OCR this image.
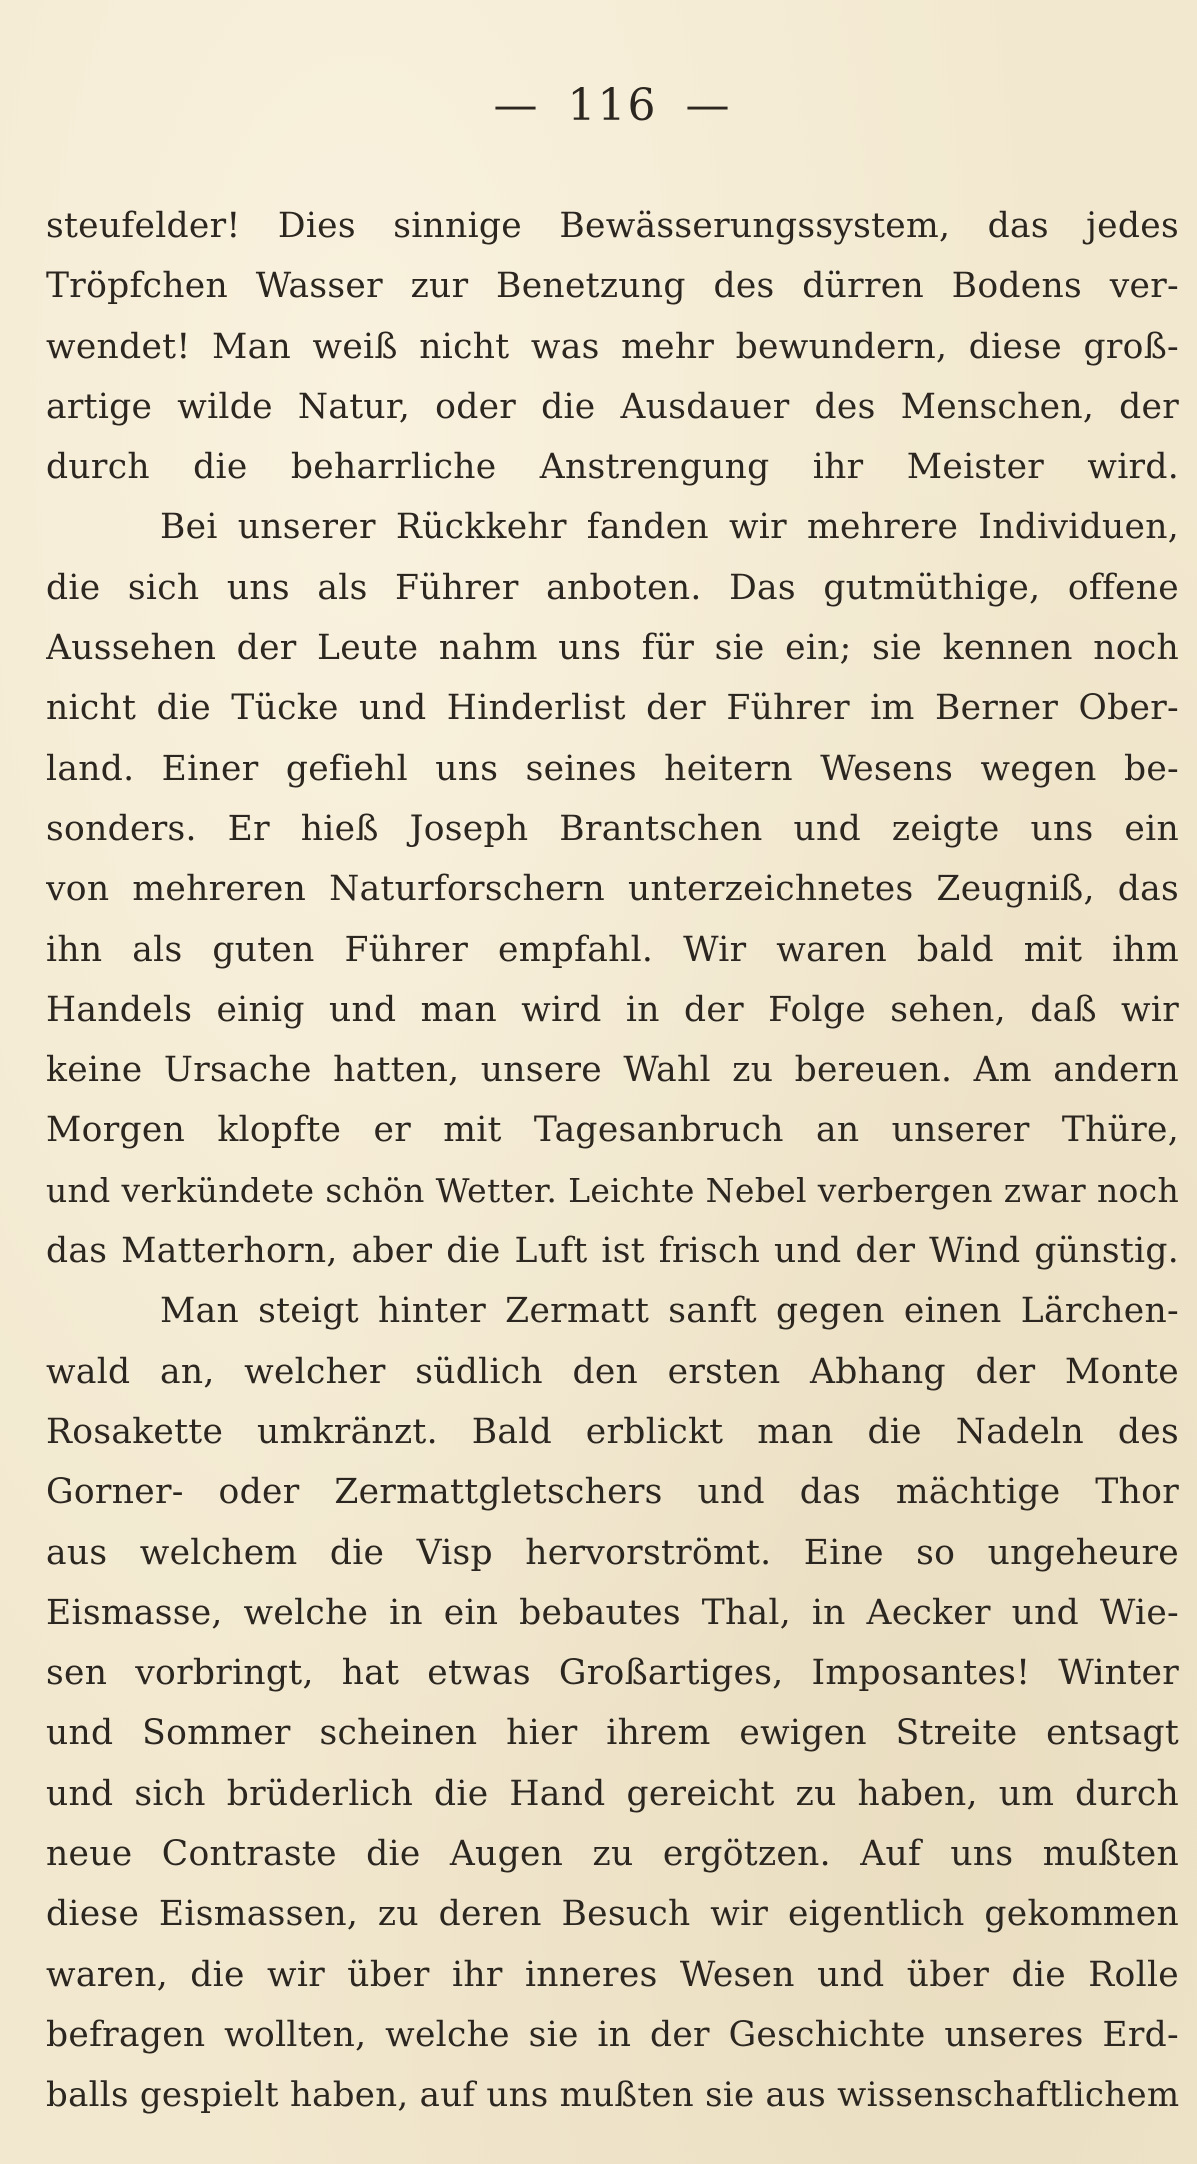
— 116 —
steufelder! Dies sinnige Bewässerungssystem, das jedes
Tröpfchen Wasser zur Benetzung des dürren Bodens ver-
wendet! Man weiß nicht was mehr bewundern, diese groß-
artige wilde Natur, oder die Ausdauer des Menschen, der
durch die beharrliche Anstrengung ihr Meister wird.
Bei unserer Rückkehr fanden wir mehrere Individuen,
die sich uns als Führer anboten. Das gutmüthige, offene
Aussehen der Leute nahm uns für sie ein; sie kennen noch
nicht die Tücke und Hinderlist der Führer im Berner Ober-
land. Einer gefiehl uns seines heitern Wesens wegen be-
sonders. Er hieß Joseph Brantschen und zeigte uns ein
von mehreren Naturforschern unterzeichnetes Zeugniß, das
ihn als guten Führer empfahl. Wir waren bald mit ihm
Handels einig und man wird in der Folge sehen, daß wir
keine Ursache hatten, unsere Wahl zu bereuen. Am andern
Morgen klopfte er mit Tagesanbruch an unserer Thüre,
und verkündete schön Wetter. Leichte Nebel verbergen zwar noch
das Matterhorn, aber die Luft ist frisch und der Wind günstig.
Man steigt hinter Zermatt sanft gegen einen Lärchen-
wald an, welcher südlich den ersten Abhang der Monte
Rosakette umkränzt. Bald erblickt man die Nadeln des
Gorner- oder Zermattgletschers und das mächtige Thor
aus welchem die Visp hervorströmt. Eine so ungeheure
Eismasse, welche in ein bebautes Thal, in Aecker und Wie-
sen vorbringt, hat etwas Großartiges, Imposantes! Winter
und Sommer scheinen hier ihrem ewigen Streite entsagt
und sich brüderlich die Hand gereicht zu haben, um durch
neue Contraste die Augen zu ergötzen. Auf uns mußten
diese Eismassen, zu deren Besuch wir eigentlich gekommen
waren, die wir über ihr inneres Wesen und über die Rolle
befragen wollten, welche sie in der Geschichte unseres Erd-
balls gespielt haben, auf uns mußten sie aus wissenschaftlichem
